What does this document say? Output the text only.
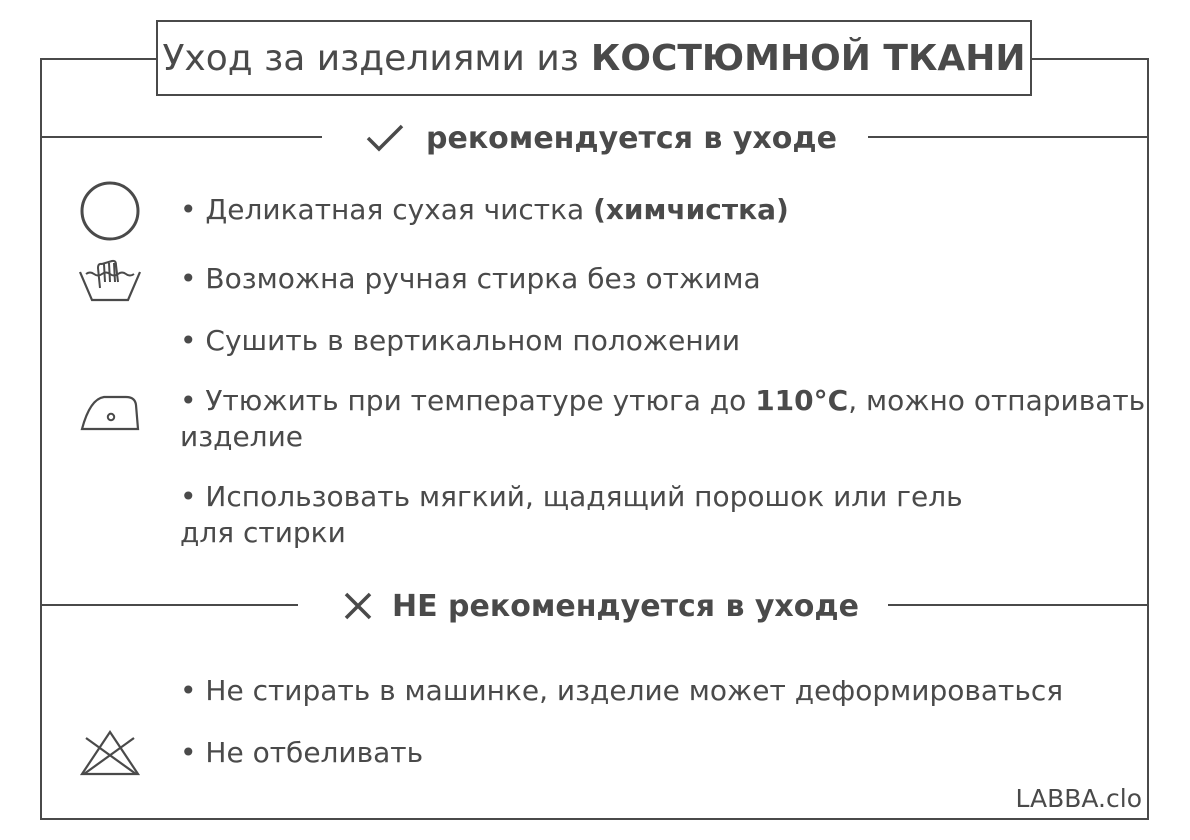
Уход за изделиями из КОСТЮМНОЙ ТКАНИ
рекомендуется в уходе
• Деликатная сухая чистка (химчистка)
• Возможна ручная стирка без отжима
• Сушить в вертикальном положении
• Утюжить при температуре утюга до 110°C, можно отпаривать
изделие
• Использовать мягкий, щадящий порошок или гель
для стирки
НЕ рекомендуется в уходе
• Не стирать в машинке, изделие может деформироваться
• Не отбеливать
LABBA.clo
